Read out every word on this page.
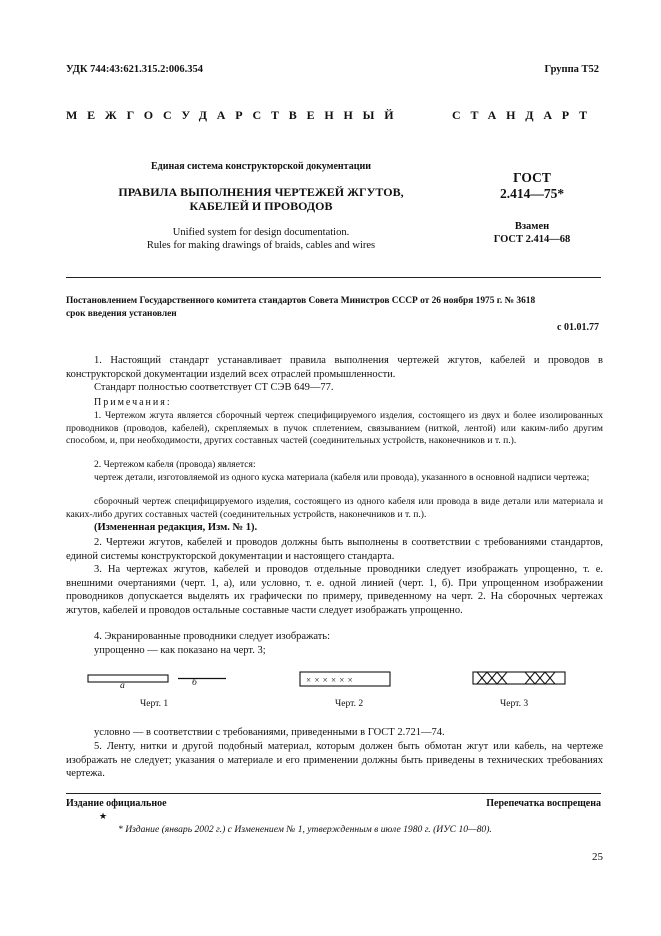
УДК 744:43:621.315.2:006.354	Группа Т52
МЕЖГОСУДАРСТВЕННЫЙ	СТАНДАРТ
Единая система конструкторской документации
ПРАВИЛА ВЫПОЛНЕНИЯ ЧЕРТЕЖЕЙ ЖГУТОВ,
КАБЕЛЕЙ И ПРОВОДОВ
Unified system for design documentation.
Rules for making drawings of braids, cables and wires
ГОСТ
2.414—75*
Взамен
ГОСТ 2.414—68
Постановлением Государственного комитета стандартов Совета Министров СССР от 26 ноября 1975 г. № 3618
срок введения установлен
с 01.01.77
1. Настоящий стандарт устанавливает правила выполнения чертежей жгутов, кабелей и проводов в конструкторской документации изделий всех отраслей промышленности.
Стандарт полностью соответствует СТ СЭВ 649—77.
Примечания:
1. Чертежом жгута является сборочный чертеж специфицируемого изделия, состоящего из двух и более изолированных проводников (проводов, кабелей), скрепляемых в пучок сплетением, связыванием (ниткой, лентой) или каким-либо другим способом, и, при необходимости, других составных частей (соединительных устройств, наконечников и т. п.).
2. Чертежом кабеля (провода) является:
чертеж детали, изготовляемой из одного куска материала (кабеля или провода), указанного в основной надписи чертежа;
сборочный чертеж специфицируемого изделия, состоящего из одного кабеля или провода в виде детали или материала и каких-либо других составных частей (соединительных устройств, наконечников и т. п.).
(Измененная редакция, Изм. № 1).
2. Чертежи жгутов, кабелей и проводов должны быть выполнены в соответствии с требованиями стандартов, единой системы конструкторской документации и настоящего стандарта.
3. На чертежах жгутов, кабелей и проводов отдельные проводники следует изображать упрощенно, т. е. внешними очертаниями (черт. 1, а), или условно, т. е. одной линией (черт. 1, б). При упрощенном изображении проводников допускается выделять их графически по примеру, приведенному на черт. 2. На сборочных чертежах жгутов, кабелей и проводов остальные составные части следует изображать упрощенно.
4. Экранированные проводники следует изображать:
упрощенно — как показано на черт. 3;
а	б
Черт. 1
× × × × × ×
Черт. 2	Черт. 3
условно — в соответствии с требованиями, приведенными в ГОСТ 2.721—74.
5. Ленту, нитки и другой подобный материал, которым должен быть обмотан жгут или кабель, на чертеже изображать не следует; указания о материале и его применении должны быть приведены в технических требованиях чертежа.
Издание официальное	Перепечатка воспрещена
★
* Издание (январь 2002 г.) с Изменением № 1, утвержденным в июле 1980 г. (ИУС 10—80).
25
